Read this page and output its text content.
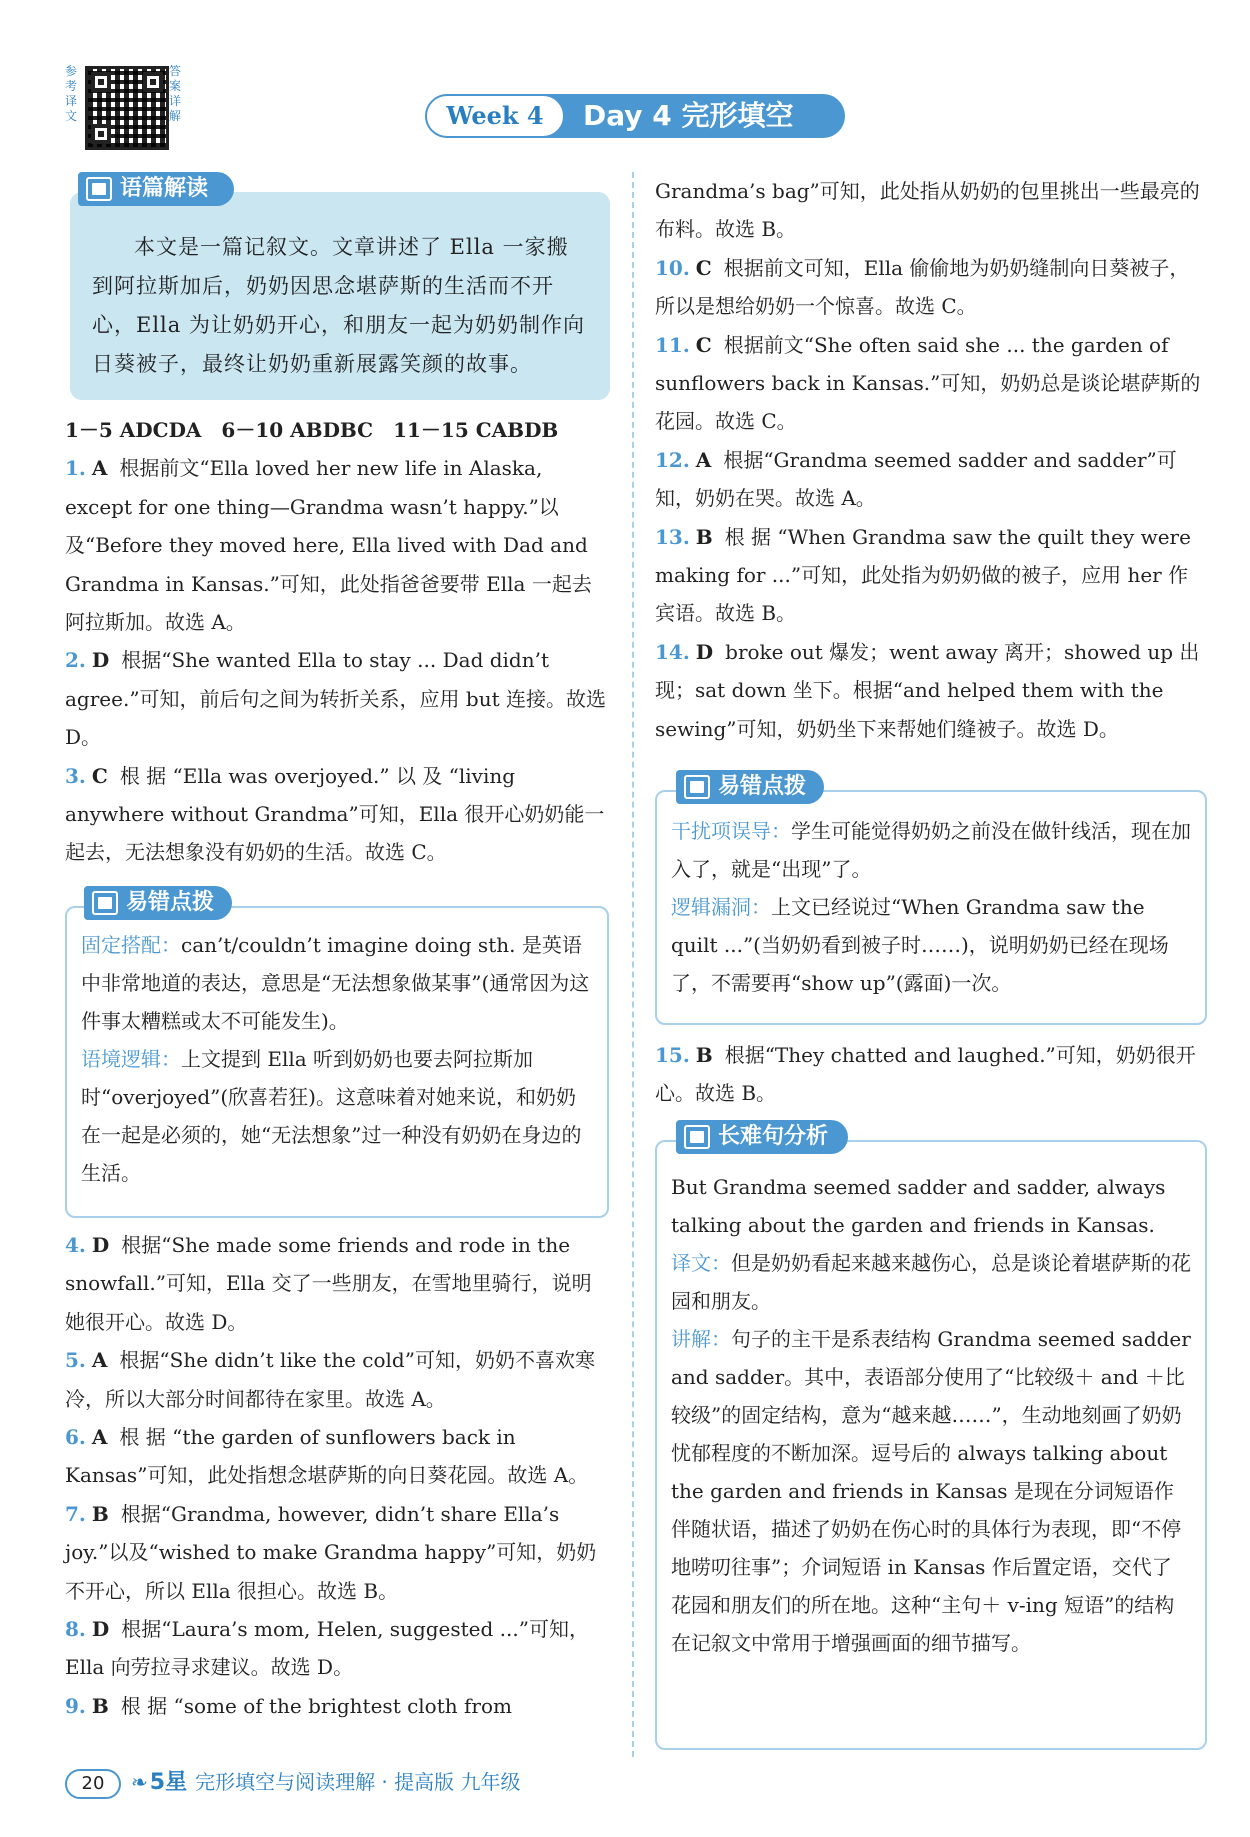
参考译文
答案详解	Week 4	Day 4 完形填空

本文是一篇记叙文。文章讲述了 Ella 一家搬到阿拉斯加后，奶奶因思念堪萨斯的生活而不开心，Ella 为让奶奶开心，和朋友一起为奶奶制作向日葵被子，最终让奶奶重新展露笑颜的故事。

语篇解读

1－5 ADCDA　6－10 ABDBC　11－15 CABDB

1. A 根据前文“Ella loved her new life in Alaska, except for one thing—Grandma wasn’t happy.”以及“Before they moved here, Ella lived with Dad and Grandma in Kansas.”可知，此处指爸爸要带 Ella 一起去阿拉斯加。故选 A。

2. D 根据“She wanted Ella to stay ... Dad didn’t agree.”可知，前后句之间为转折关系，应用 but 连接。故选 D。

3. C 根 据 “Ella was overjoyed.” 以 及 “living anywhere without Grandma”可知，Ella 很开心奶奶能一起去，无法想象没有奶奶的生活。故选 C。

固定搭配：can’t/couldn’t imagine doing sth. 是英语中非常地道的表达，意思是“无法想象做某事”(通常因为这件事太糟糕或太不可能发生)。

语境逻辑：上文提到 Ella 听到奶奶也要去阿拉斯加时“overjoyed”(欣喜若狂)。这意味着对她来说，和奶奶在一起是必须的，她“无法想象”过一种没有奶奶在身边的生活。

易错点拨

4. D 根据“She made some friends and rode in the snowfall.”可知，Ella 交了一些朋友，在雪地里骑行，说明她很开心。故选 D。

5. A 根据“She didn’t like the cold”可知，奶奶不喜欢寒冷，所以大部分时间都待在家里。故选 A。

6. A 根 据 “the garden of sunflowers back in Kansas”可知，此处指想念堪萨斯的向日葵花园。故选 A。

7. B 根据“Grandma, however, didn’t share Ella’s joy.”以及“wished to make Grandma happy”可知，奶奶不开心，所以 Ella 很担心。故选 B。

8. D 根据“Laura’s mom, Helen, suggested ...”可知，Ella 向劳拉寻求建议。故选 D。

9. B 根 据 “some of the brightest cloth from

Grandma’s bag”可知，此处指从奶奶的包里挑出一些最亮的布料。故选 B。

10. C 根据前文可知，Ella 偷偷地为奶奶缝制向日葵被子，所以是想给奶奶一个惊喜。故选 C。

11. C 根据前文“She often said she ... the garden of sunflowers back in Kansas.”可知，奶奶总是谈论堪萨斯的花园。故选 C。

12. A 根据“Grandma seemed sadder and sadder”可知，奶奶在哭。故选 A。

13. B 根 据 “When Grandma saw the quilt they were making for ...”可知，此处指为奶奶做的被子，应用 her 作宾语。故选 B。

14. D broke out 爆发；went away 离开；showed up 出现；sat down 坐下。根据“and helped them with the sewing”可知，奶奶坐下来帮她们缝被子。故选 D。

干扰项误导：学生可能觉得奶奶之前没在做针线活，现在加入了，就是“出现”了。

逻辑漏洞：上文已经说过“When Grandma saw the quilt ...”(当奶奶看到被子时……)，说明奶奶已经在现场了，不需要再“show up”(露面)一次。

易错点拨

15. B 根据“They chatted and laughed.”可知，奶奶很开心。故选 B。

But Grandma seemed sadder and sadder, always talking about the garden and friends in Kansas.

译文：但是奶奶看起来越来越伤心，总是谈论着堪萨斯的花园和朋友。

讲解：句子的主干是系表结构 Grandma seemed sadder and sadder。其中，表语部分使用了“比较级＋ and ＋比较级”的固定结构，意为“越来越……”，生动地刻画了奶奶忧郁程度的不断加深。逗号后的 always talking about the garden and friends in Kansas 是现在分词短语作伴随状语，描述了奶奶在伤心时的具体行为表现，即“不停地唠叨往事”；介词短语 in Kansas 作后置定语，交代了花园和朋友们的所在地。这种“主句＋ v-ing 短语”的结构在记叙文中常用于增强画面的细节描写。

长难句分析
20 ❧5星 完形填空与阅读理解 · 提高版 九年级
